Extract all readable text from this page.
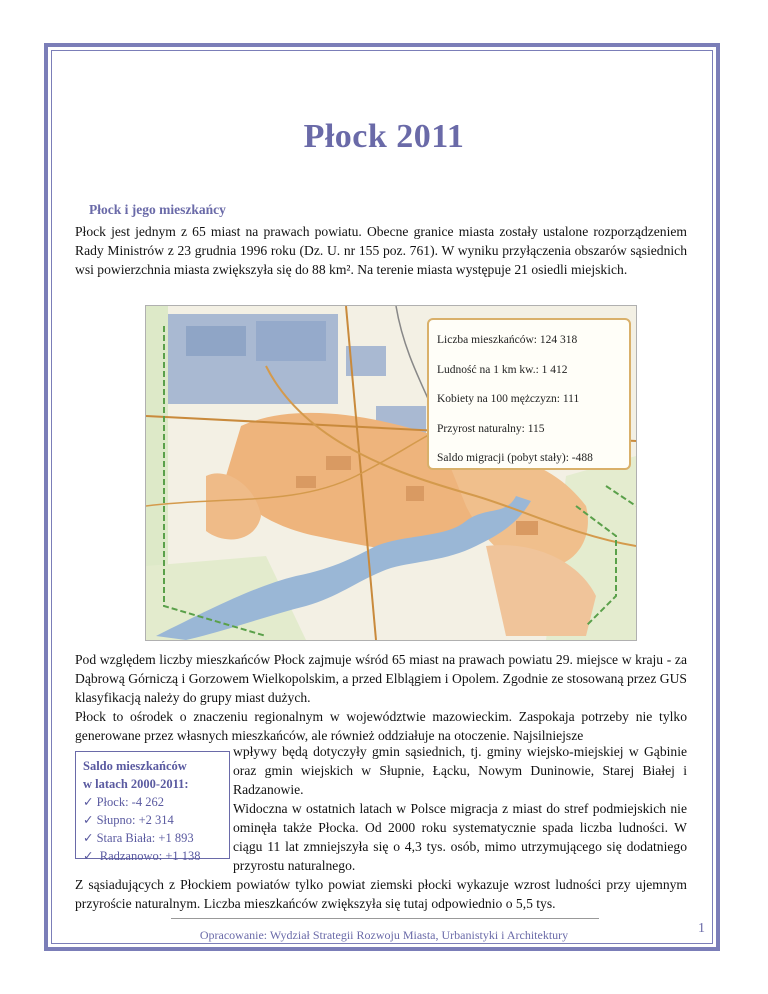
Płock 2011
Płock i jego mieszkańcy

Płock jest jednym z 65 miast na prawach powiatu. Obecne granice miasta zostały ustalone rozporządzeniem Rady Ministrów z 23 grudnia 1996 roku (Dz. U. nr 155 poz. 761). W wyniku przyłączenia obszarów sąsiednich wsi powierzchnia miasta zwiększyła się do 88 km². Na terenie miasta występuje 21 osiedli miejskich.

Liczba mieszkańców: 124 318
Ludność na 1 km kw.: 1 412
Kobiety na 100 mężczyzn: 111
Przyrost naturalny: 115
Saldo migracji (pobyt stały): -488

Pod względem liczby mieszkańców Płock zajmuje wśród 65 miast na prawach powiatu 29. miejsce w kraju - za Dąbrową Górniczą i Gorzowem Wielkopolskim, a przed Elblągiem i Opolem. Zgodnie ze stosowaną przez GUS klasyfikacją należy do grupy miast dużych.
Płock to ośrodek o znaczeniu regionalnym w województwie mazowieckim. Zaspokaja potrzeby nie tylko generowane przez własnych mieszkańców, ale również oddziałuje na otoczenie. Najsilniejsze

Saldo mieszkańców
w latach 2000-2011:
✓ Płock: -4 262
✓ Słupno: +2 314
✓ Stara Biała: +1 893
✓ Radzanowo: +1 138

wpływy będą dotyczyły gmin sąsiednich, tj. gminy wiejsko-miejskiej w Gąbinie oraz gmin wiejskich w Słupnie, Łącku, Nowym Duninowie, Starej Białej i Radzanowie.
Widoczna w ostatnich latach w Polsce migracja z miast do stref podmiejskich nie ominęła także Płocka. Od 2000 roku systematycznie spada liczba ludności. W ciągu 11 lat zmniejszyła się o 4,3 tys. osób, mimo utrzymującego się dodatniego przyrostu naturalnego.

Z sąsiadujących z Płockiem powiatów tylko powiat ziemski płocki wykazuje wzrost ludności przy ujemnym przyroście naturalnym. Liczba mieszkańców zwiększyła się tutaj odpowiednio o 5,5 tys.

Opracowanie: Wydział Strategii Rozwoju Miasta, Urbanistyki i Architektury	1
